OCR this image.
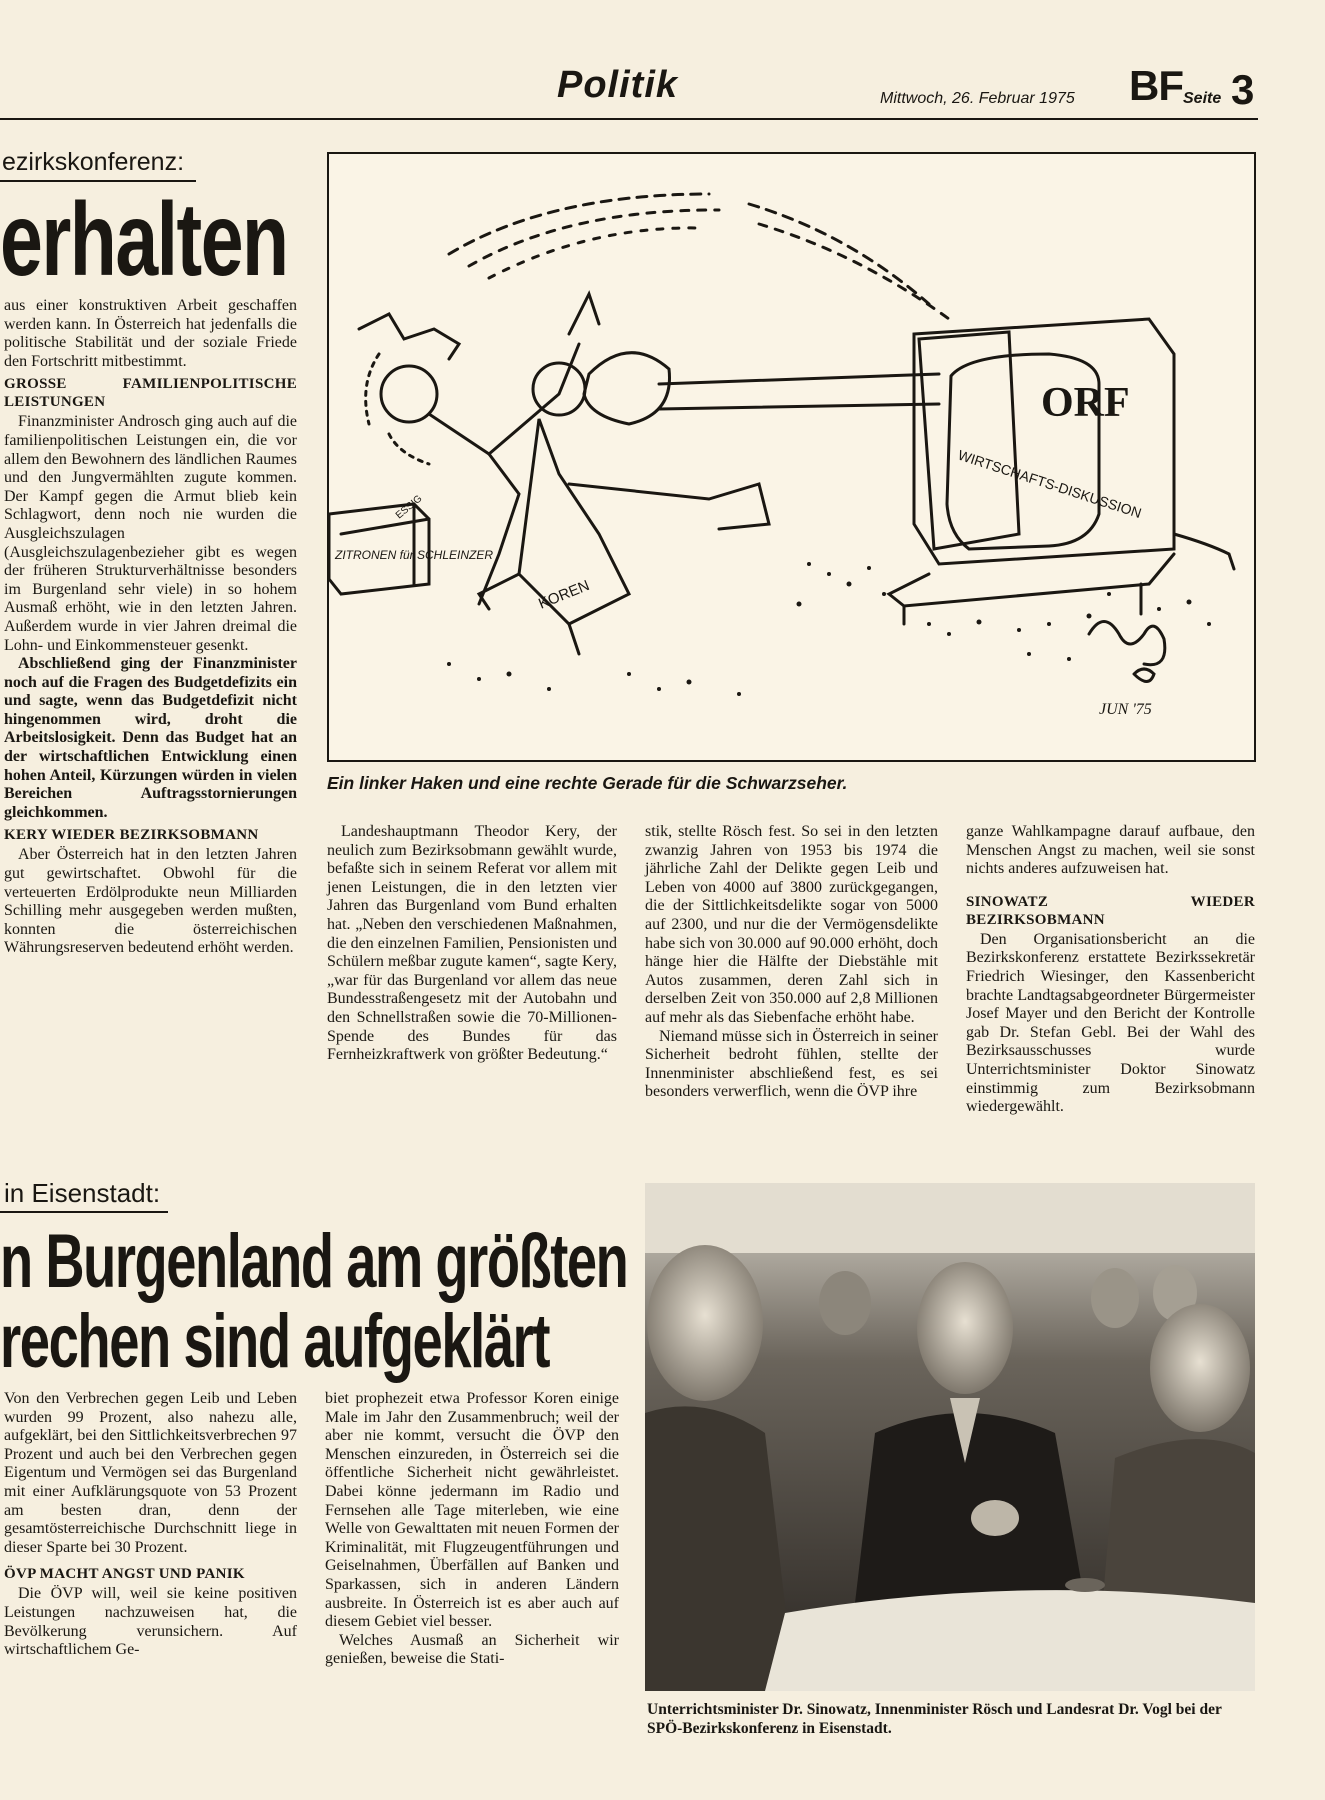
Politik	Mittwoch, 26. Februar 1975 BF Seite 3
ezirkskonferenz:
erhalten

aus einer konstruktiven Arbeit geschaffen werden kann. In Österreich hat jedenfalls die politische Stabilität und der soziale Friede den Fortschritt mitbestimmt.

GROSSE FAMILIENPOLITISCHE LEISTUNGEN

Finanzminister Androsch ging auch auf die familienpolitischen Leistungen ein, die vor allem den Bewohnern des ländlichen Raumes und den Jungvermählten zugute kommen. Der Kampf gegen die Armut blieb kein Schlagwort, denn noch nie wurden die Ausgleichszulagen (Ausgleichszulagenbezieher gibt es wegen der früheren Strukturverhältnisse besonders im Burgenland sehr viele) in so hohem Ausmaß erhöht, wie in den letzten Jahren. Außerdem wurde in vier Jahren dreimal die Lohn- und Einkommensteuer gesenkt.

Abschließend ging der Finanzminister noch auf die Fragen des Budgetdefizits ein und sagte, wenn das Budgetdefizit nicht hingenommen wird, droht die Arbeitslosigkeit. Denn das Budget hat an der wirtschaftlichen Entwicklung einen hohen Anteil, Kürzungen würden in vielen Bereichen Auftragsstornierungen gleichkommen.

KERY WIEDER BEZIRKSOBMANN

Aber Österreich hat in den letzten Jahren gut gewirtschaftet. Obwohl für die verteuerten Erdölprodukte neun Milliarden Schilling mehr ausgegeben werden mußten, konnten die österreichischen Währungsreserven bedeutend erhöht werden.

ORF
WIRTSCHAFTS-DISKUSSION
ZITRONEN für SCHLEINZER
ESSIG
KOREN
JUN '75
Ein linker Haken und eine rechte Gerade für die Schwarzseher.

Landeshauptmann Theodor Kery, der neulich zum Bezirksobmann gewählt wurde, befaßte sich in seinem Referat vor allem mit jenen Leistungen, die in den letzten vier Jahren das Burgenland vom Bund erhalten hat. „Neben den verschiedenen Maßnahmen, die den einzelnen Familien, Pensionisten und Schülern meßbar zugute kamen“, sagte Kery, „war für das Burgenland vor allem das neue Bundesstraßengesetz mit der Autobahn und den Schnellstraßen sowie die 70-Millionen-Spende des Bundes für das Fernheizkraftwerk von größter Bedeutung.“

stik, stellte Rösch fest. So sei in den letzten zwanzig Jahren von 1953 bis 1974 die jährliche Zahl der Delikte gegen Leib und Leben von 4000 auf 3800 zurückgegangen, die der Sittlichkeitsdelikte sogar von 5000 auf 2300, und nur die der Vermögensdelikte habe sich von 30.000 auf 90.000 erhöht, doch hänge hier die Hälfte der Diebstähle mit Autos zusammen, deren Zahl sich in derselben Zeit von 350.000 auf 2,8 Millionen auf mehr als das Siebenfache erhöht habe.

Niemand müsse sich in Österreich in seiner Sicherheit bedroht fühlen, stellte der Innenminister abschließend fest, es sei besonders verwerflich, wenn die ÖVP ihre

ganze Wahlkampagne darauf aufbaue, den Menschen Angst zu machen, weil sie sonst nichts anderes aufzuweisen hat.

SINOWATZ WIEDER BEZIRKSOBMANN

Den Organisationsbericht an die Bezirkskonferenz erstattete Bezirkssekretär Friedrich Wiesinger, den Kassenbericht brachte Landtagsabgeordneter Bürgermeister Josef Mayer und den Bericht der Kontrolle gab Dr. Stefan Gebl. Bei der Wahl des Bezirksausschusses wurde Unterrichtsminister Doktor Sinowatz einstimmig zum Bezirksobmann wiedergewählt.

in Eisenstadt:
n Burgenland am größten
rechen sind aufgeklärt

Von den Verbrechen gegen Leib und Leben wurden 99 Prozent, also nahezu alle, aufgeklärt, bei den Sittlichkeitsverbrechen 97 Prozent und auch bei den Verbrechen gegen Eigentum und Vermögen sei das Burgenland mit einer Aufklärungsquote von 53 Prozent am besten dran, denn der gesamtösterreichische Durchschnitt liege in dieser Sparte bei 30 Prozent.

ÖVP MACHT ANGST UND PANIK

Die ÖVP will, weil sie keine positiven Leistungen nachzuweisen hat, die Bevölkerung verunsichern. Auf wirtschaftlichem Ge-

biet prophezeit etwa Professor Koren einige Male im Jahr den Zusammenbruch; weil der aber nie kommt, versucht die ÖVP den Menschen einzureden, in Österreich sei die öffentliche Sicherheit nicht gewährleistet. Dabei könne jedermann im Radio und Fernsehen alle Tage miterleben, wie eine Welle von Gewalttaten mit neuen Formen der Kriminalität, mit Flugzeugentführungen und Geiselnahmen, Überfällen auf Banken und Sparkassen, sich in anderen Ländern ausbreite. In Österreich ist es aber auch auf diesem Gebiet viel besser.

Welches Ausmaß an Sicherheit wir genießen, beweise die Stati-

Unterrichtsminister Dr. Sinowatz, Innenminister Rösch und Landesrat Dr. Vogl bei der SPÖ-Bezirkskonferenz in Eisenstadt.
